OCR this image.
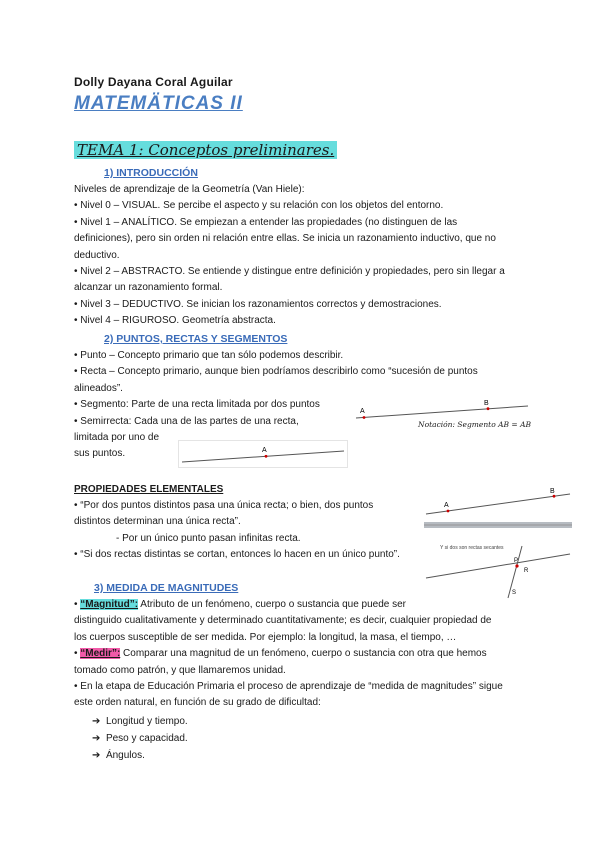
Dolly Dayana Coral Aguilar
MATEMÄTICAS II
TEMA 1: Conceptos preliminares.
1) INTRODUCCIÓN
Niveles de aprendizaje de la Geometría (Van Hiele):
• Nivel 0 – VISUAL. Se percibe el aspecto y su relación con los objetos del entorno.
• Nivel 1 – ANALÍTICO. Se empiezan a entender las propiedades (no distinguen de las
definiciones), pero sin orden ni relación entre ellas. Se inicia un razonamiento inductivo, que no
deductivo.
• Nivel 2 – ABSTRACTO. Se entiende y distingue entre definición y propiedades, pero sin llegar a
alcanzar un razonamiento formal.
• Nivel 3 – DEDUCTIVO. Se inician los razonamientos correctos y demostraciones.
• Nivel 4 – RIGUROSO. Geometría abstracta.
2) PUNTOS, RECTAS Y SEGMENTOS
• Punto – Concepto primario que tan sólo podemos describir.
• Recta – Concepto primario, aunque bien podríamos describirlo como “sucesión de puntos
alineados”.
• Segmento: Parte de una recta limitada por dos puntos
• Semirrecta: Cada una de las partes de una recta,
limitada por uno de
sus puntos.
A
B
Notación: Segmento AB = AB
A
PROPIEDADES ELEMENTALES
• “Por dos puntos distintos pasa una única recta; o bien, dos puntos
distintos determinan una única recta”.
- Por un único punto pasan infinitas recta.
• “Si dos rectas distintas se cortan, entonces lo hacen en un único punto”.
A
B
Y si dos son rectas secantes
P
R
S
3) MEDIDA DE MAGNITUDES
• “Magnitud”: Atributo de un fenómeno, cuerpo o sustancia que puede ser
distinguido cualitativamente y determinado cuantitativamente; es decir, cualquier propiedad de
los cuerpos susceptible de ser medida. Por ejemplo: la longitud, la masa, el tiempo, …
• “Medir”: Comparar una magnitud de un fenómeno, cuerpo o sustancia con otra que hemos
tomado como patrón, y que llamaremos unidad.
• En la etapa de Educación Primaria el proceso de aprendizaje de “medida de magnitudes” sigue
este orden natural, en función de su grado de dificultad:
➔ Longitud y tiempo.
➔ Peso y capacidad.
➔ Ángulos.
